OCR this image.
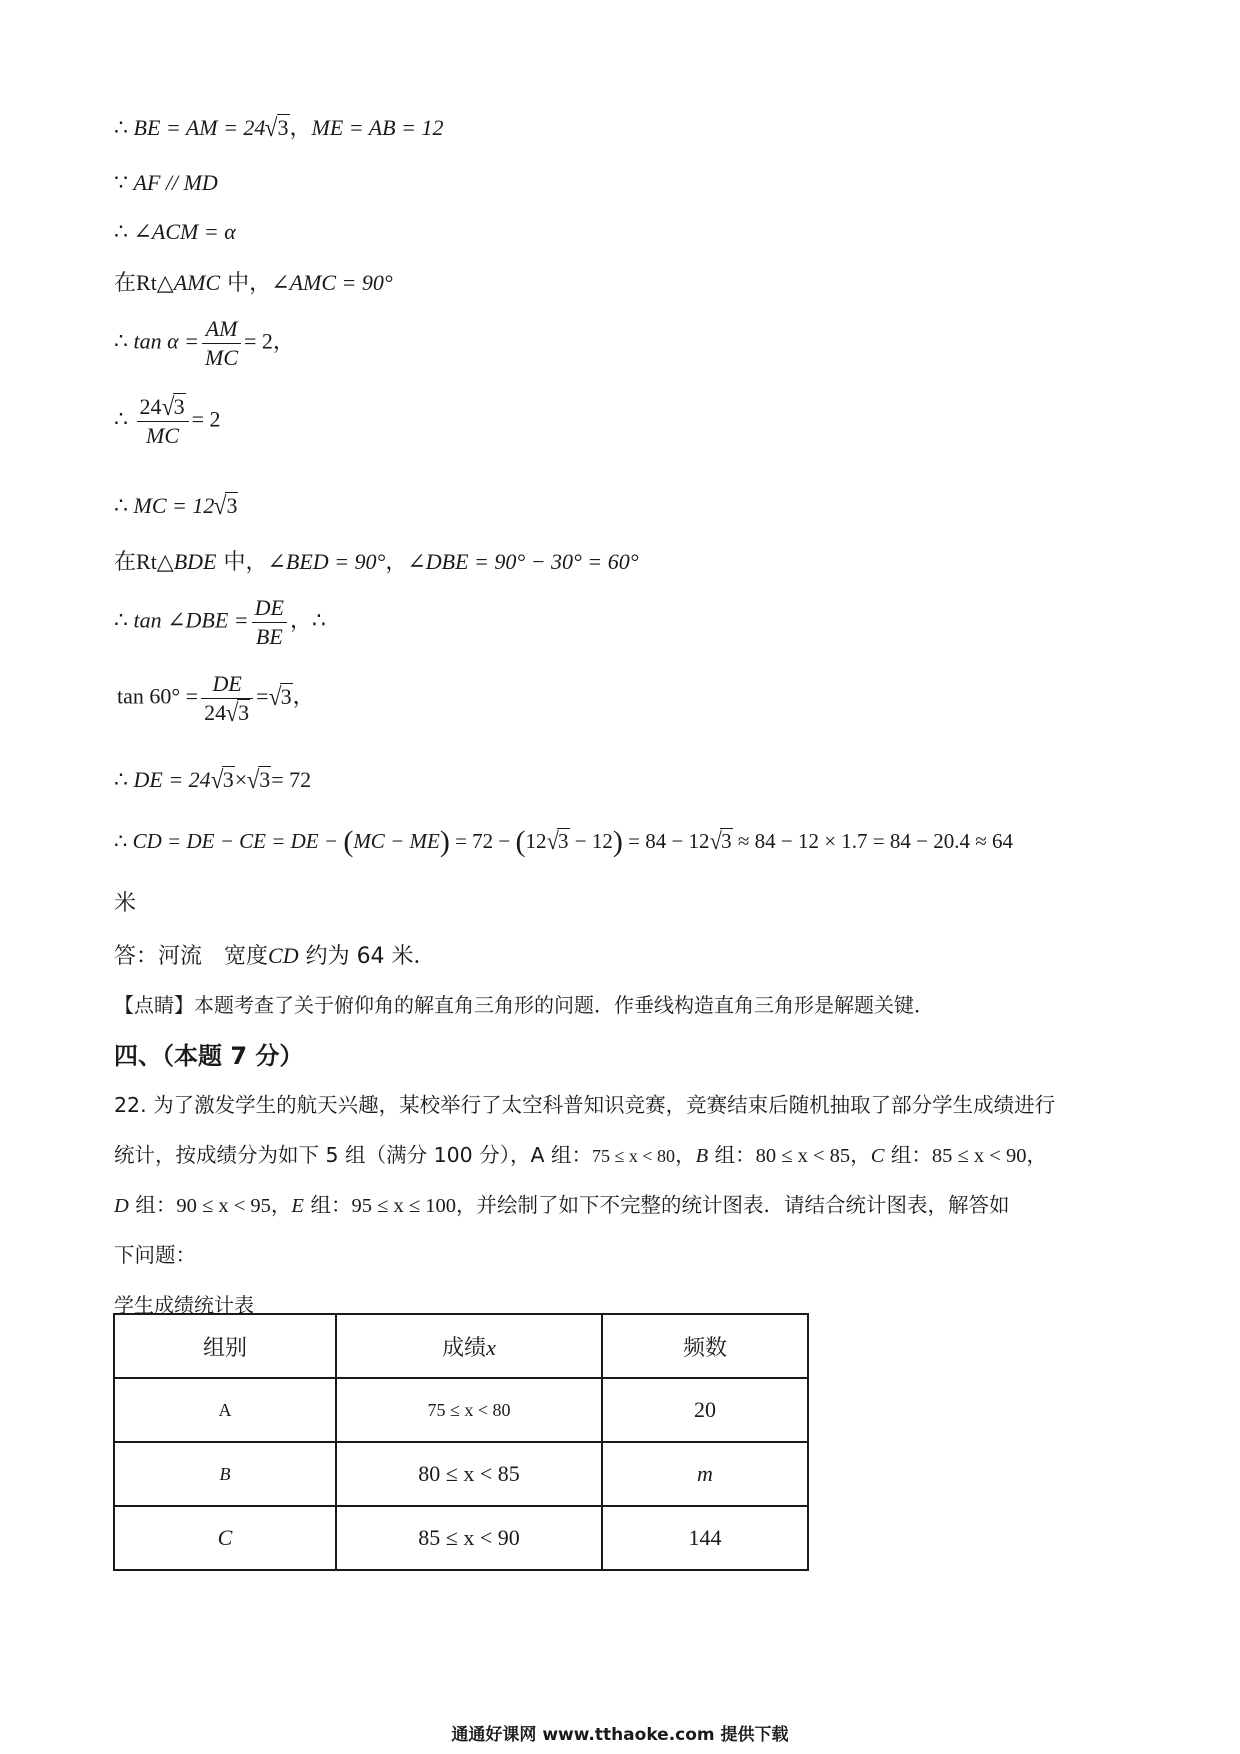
∴ BE = AM = 24√3，ME = AB = 12
∵ AF // MD
∴ ∠ACM = α
在Rt△AMC 中，∠AMC = 90°
∴ $\tan \alpha = \frac{AM}{MC} = 2$，
∴ $\frac{24√3}{MC} = 2$
∴ MC = 12√3
在Rt△BDE 中，∠BED = 90°，∠DBE = 90° − 30° = 60°
∴ tan ∠DBE = $\frac{DE}{BE}$ ，∴
$\tan 60^\circ = \frac{DE}{24√3} =√3$，
∴ DE = 24√3×√3= 72
∴ CD = DE − CE = DE − (MC − ME) = 72 − (12√3 − 12) = 84 − 12√3 ≈ 84 − 12 × 1.7 = 84 − 20.4 ≈ 64
米
答：河流　宽度CD 约为 64 米．
【点睛】本题考查了关于俯仰角的解直角三角形的问题．作垂线构造直角三角形是解题关键．
四、（本题 7 分）
22. 为了激发学生的航天兴趣，某校举行了太空科普知识竞赛，竞赛结束后随机抽取了部分学生成绩进行
统计，按成绩分为如下 5 组（满分 100 分），A 组：75 ≤ x < 80，B 组：80 ≤ x < 85，C 组：85 ≤ x < 90，
D 组：90 ≤ x < 95，E 组：95 ≤ x ≤ 100，并绘制了如下不完整的统计图表．请结合统计图表，解答如
下问题：
学生成绩统计表
组别	成绩x	频数
A	75 ≤ x < 80	20
B	80 ≤ x < 85	m
C	85 ≤ x < 90	144
通通好课网 www.tthaoke.com 提供下载
